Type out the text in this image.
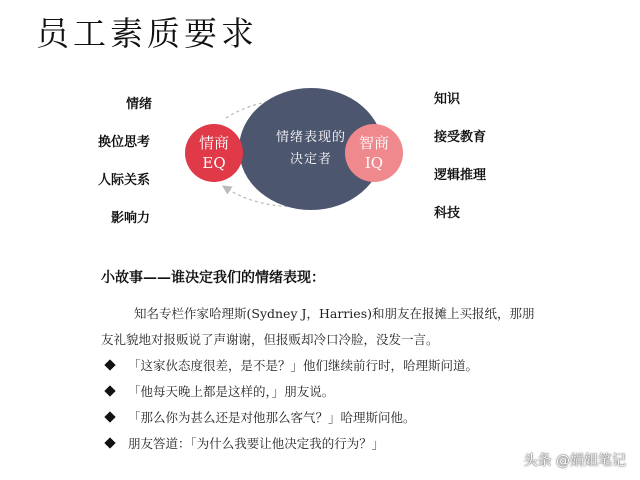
员工素质要求
情绪
换位思考
人际关系
影响力
知识
接受教育
逻辑推理
科技
情绪表现的
决定者
情商
EQ
智商
IQ
小故事——谁决定我们的情绪表现：
知名专栏作家哈理斯(Sydney J，Harries)和朋友在报摊上买报纸，那朋
友礼貌地对报贩说了声谢谢，但报贩却冷口冷脸，没发一言。
「这家伙态度很差，是不是？」他们继续前行时，哈理斯问道。
「他每天晚上都是这样的，」朋友说。
「那么你为甚么还是对他那么客气？」哈理斯问他。
朋友答道：「为什么我要让他决定我的行为？」
头条 @娟姐笔记
